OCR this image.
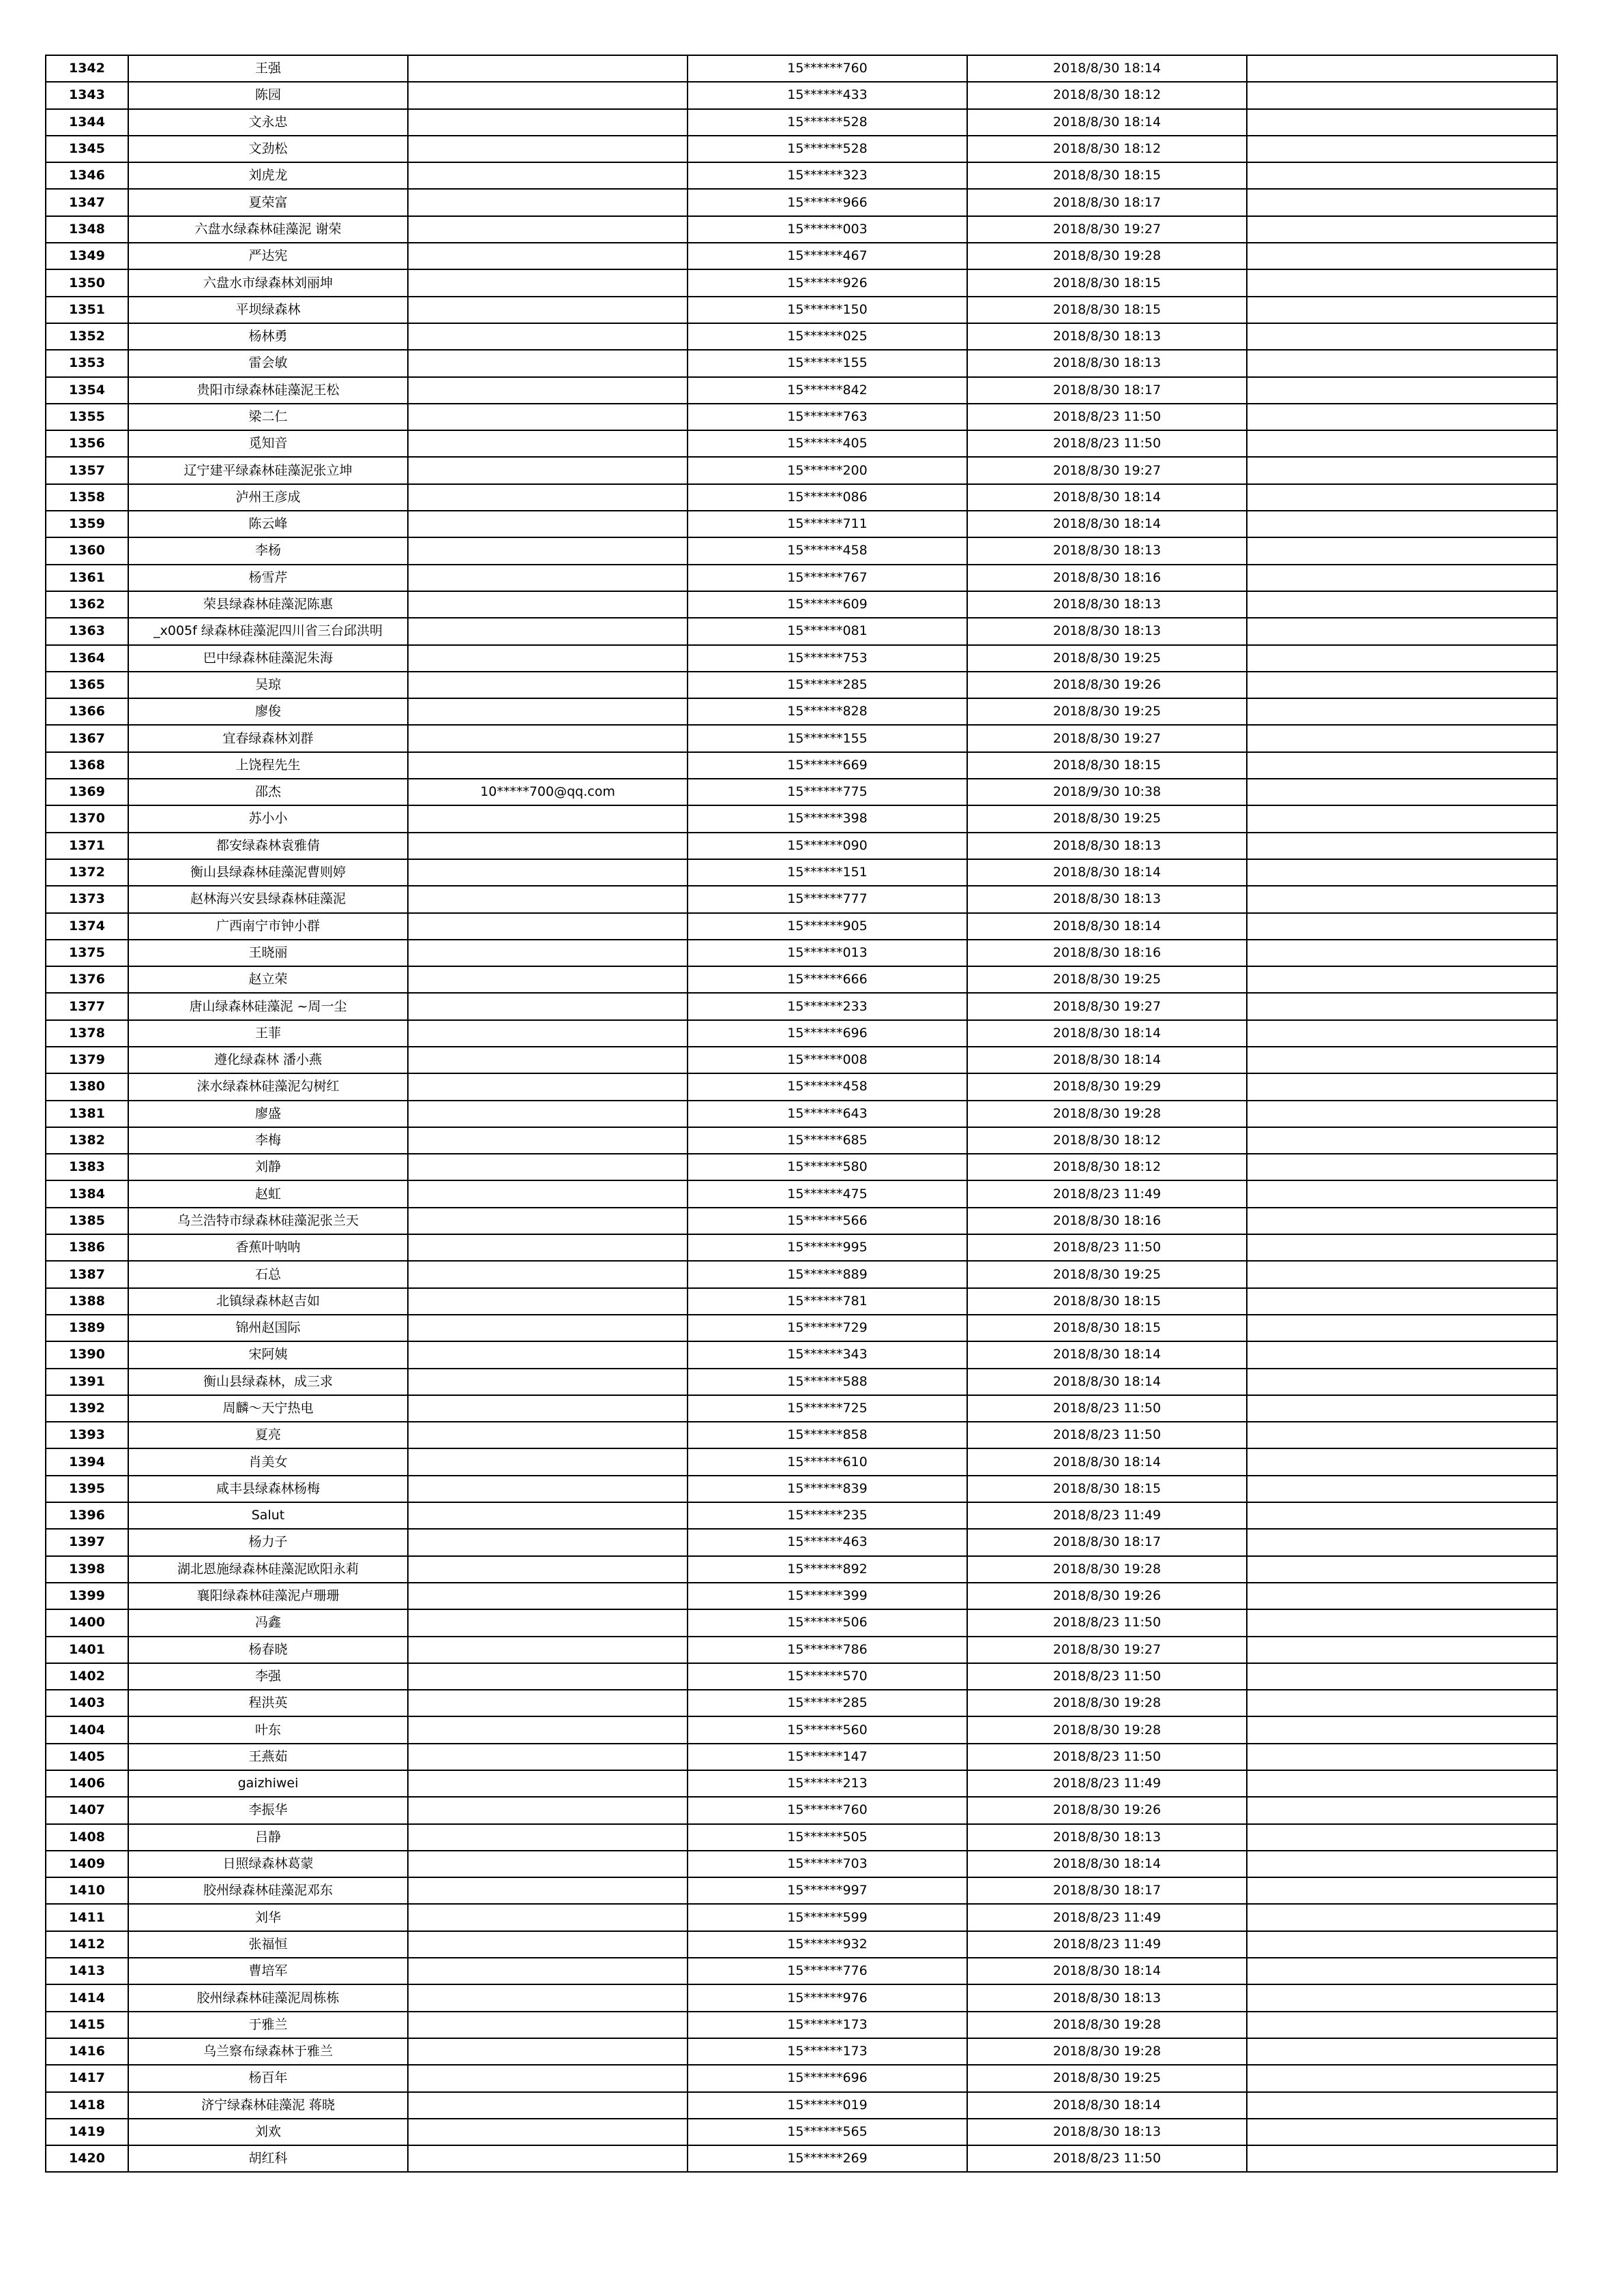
1342	王强		15******760	2018/8/30 18:14	
1343	陈园		15******433	2018/8/30 18:12	
1344	文永忠		15******528	2018/8/30 18:14	
1345	文劲松		15******528	2018/8/30 18:12	
1346	刘虎龙		15******323	2018/8/30 18:15	
1347	夏荣富		15******966	2018/8/30 18:17	
1348	六盘水绿森林硅藻泥 谢荣		15******003	2018/8/30 19:27	
1349	严达宪		15******467	2018/8/30 19:28	
1350	六盘水市绿森林刘丽坤		15******926	2018/8/30 18:15	
1351	平坝绿森林		15******150	2018/8/30 18:15	
1352	杨林勇		15******025	2018/8/30 18:13	
1353	雷会敏		15******155	2018/8/30 18:13	
1354	贵阳市绿森林硅藻泥王松		15******842	2018/8/30 18:17	
1355	梁二仁		15******763	2018/8/23 11:50	
1356	觅知音		15******405	2018/8/23 11:50	
1357	辽宁建平绿森林硅藻泥张立坤		15******200	2018/8/30 19:27	
1358	泸州王彦成		15******086	2018/8/30 18:14	
1359	陈云峰		15******711	2018/8/30 18:14	
1360	李杨		15******458	2018/8/30 18:13	
1361	杨雪芹		15******767	2018/8/30 18:16	
1362	荣县绿森林硅藻泥陈惠		15******609	2018/8/30 18:13	
1363	_x005f 绿森林硅藻泥四川省三台邱洪明		15******081	2018/8/30 18:13	
1364	巴中绿森林硅藻泥朱海		15******753	2018/8/30 19:25	
1365	吴琼		15******285	2018/8/30 19:26	
1366	廖俊		15******828	2018/8/30 19:25	
1367	宜春绿森林刘群		15******155	2018/8/30 19:27	
1368	上饶程先生		15******669	2018/8/30 18:15	
1369	邵杰	10*****700@qq.com	15******775	2018/9/30 10:38	
1370	苏小小		15******398	2018/8/30 19:25	
1371	都安绿森林袁雅倩		15******090	2018/8/30 18:13	
1372	衡山县绿森林硅藻泥曹则婷		15******151	2018/8/30 18:14	
1373	赵林海兴安县绿森林硅藻泥		15******777	2018/8/30 18:13	
1374	广西南宁市钟小群		15******905	2018/8/30 18:14	
1375	王晓丽		15******013	2018/8/30 18:16	
1376	赵立荣		15******666	2018/8/30 19:25	
1377	唐山绿森林硅藻泥 ~周一尘		15******233	2018/8/30 19:27	
1378	王菲		15******696	2018/8/30 18:14	
1379	遵化绿森林 潘小燕		15******008	2018/8/30 18:14	
1380	涞水绿森林硅藻泥勾树红		15******458	2018/8/30 19:29	
1381	廖盛		15******643	2018/8/30 19:28	
1382	李梅		15******685	2018/8/30 18:12	
1383	刘静		15******580	2018/8/30 18:12	
1384	赵虹		15******475	2018/8/23 11:49	
1385	乌兰浩特市绿森林硅藻泥张兰天		15******566	2018/8/30 18:16	
1386	香蕉叶呐呐		15******995	2018/8/23 11:50	
1387	石总		15******889	2018/8/30 19:25	
1388	北镇绿森林赵吉如		15******781	2018/8/30 18:15	
1389	锦州赵国际		15******729	2018/8/30 18:15	
1390	宋阿姨		15******343	2018/8/30 18:14	
1391	衡山县绿森林，成三求		15******588	2018/8/30 18:14	
1392	周麟～天宁热电		15******725	2018/8/23 11:50	
1393	夏亮		15******858	2018/8/23 11:50	
1394	肖美女		15******610	2018/8/30 18:14	
1395	咸丰县绿森林杨梅		15******839	2018/8/30 18:15	
1396	Salut		15******235	2018/8/23 11:49	
1397	杨力子		15******463	2018/8/30 18:17	
1398	湖北恩施绿森林硅藻泥欧阳永莉		15******892	2018/8/30 19:28	
1399	襄阳绿森林硅藻泥卢珊珊		15******399	2018/8/30 19:26	
1400	冯鑫		15******506	2018/8/23 11:50	
1401	杨春晓		15******786	2018/8/30 19:27	
1402	李强		15******570	2018/8/23 11:50	
1403	程洪英		15******285	2018/8/30 19:28	
1404	叶东		15******560	2018/8/30 19:28	
1405	王燕茹		15******147	2018/8/23 11:50	
1406	gaizhiwei		15******213	2018/8/23 11:49	
1407	李振华		15******760	2018/8/30 19:26	
1408	吕静		15******505	2018/8/30 18:13	
1409	日照绿森林葛蒙		15******703	2018/8/30 18:14	
1410	胶州绿森林硅藻泥邓东		15******997	2018/8/30 18:17	
1411	刘华		15******599	2018/8/23 11:49	
1412	张福恒		15******932	2018/8/23 11:49	
1413	曹培军		15******776	2018/8/30 18:14	
1414	胶州绿森林硅藻泥周栋栋		15******976	2018/8/30 18:13	
1415	于雅兰		15******173	2018/8/30 19:28	
1416	乌兰察布绿森林于雅兰		15******173	2018/8/30 19:28	
1417	杨百年		15******696	2018/8/30 19:25	
1418	济宁绿森林硅藻泥 蒋晓		15******019	2018/8/30 18:14	
1419	刘欢		15******565	2018/8/30 18:13	
1420	胡红科		15******269	2018/8/23 11:50	
